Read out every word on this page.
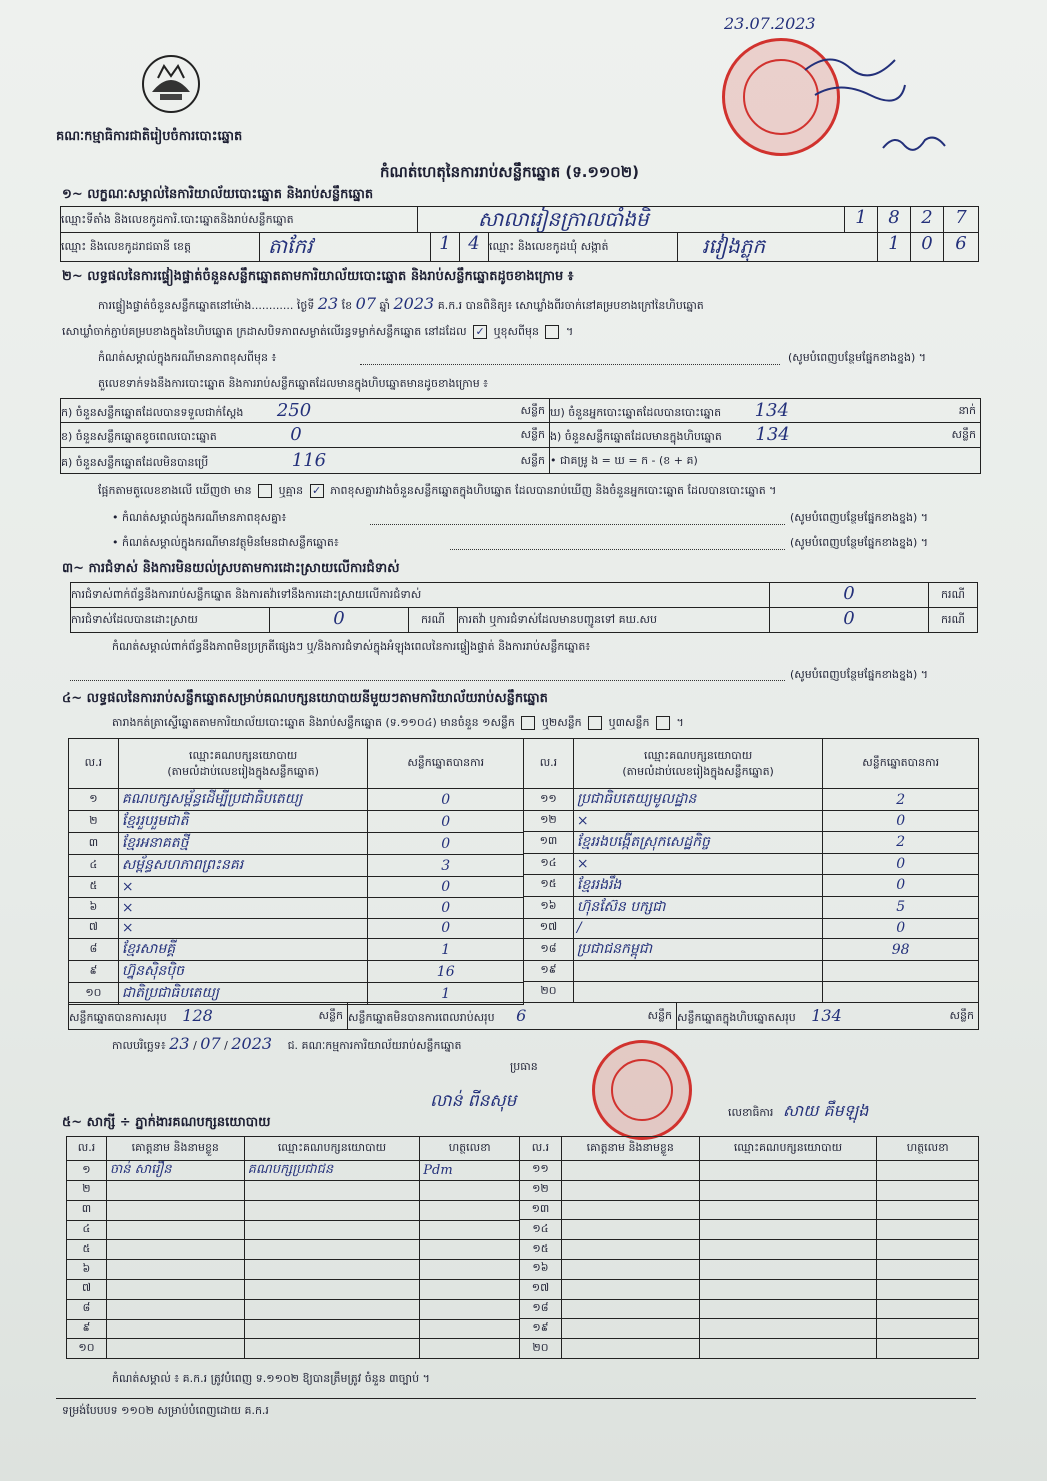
គណៈកម្មាធិការជាតិរៀបចំការបោះឆ្នោត
23.07.2023
កំណត់ហេតុនៃការរាប់សន្លឹកឆ្នោត (ទ.១១០២)
១~ លក្ខណៈសម្គាល់នៃការិយាល័យបោះឆ្នោត និងរាប់សន្លឹកឆ្នោត
ឈ្មោះទីតាំង និងលេខកូដការិ.បោះឆ្នោតនិងរាប់សន្លឹកឆ្នោត	សាលារៀនក្រាលបាំងមិ	1	8	2	7
ឈ្មោះ និងលេខកូដរាជធានី ខេត្ត	តាកែវ	1 4 ឈ្មោះ និងលេខកូដឃុំ សង្កាត់	រវៀងភ្លុក	1	0	6
២~ លទ្ធផលនៃការផ្ទៀងផ្ទាត់ចំនួនសន្លឹកឆ្នោតតាមការិយាល័យបោះឆ្នោត និងរាប់សន្លឹកឆ្នោតដូចខាងក្រោម ៖
ការផ្ទៀងផ្ទាត់ចំនួនសន្លឹកឆ្នោតនៅម៉ោង............ ថ្ងៃទី 23 ខែ 07 ឆ្នាំ 2023 គ.ក.រ បានពិនិត្យ៖ សោឃ្លាំងពីរចាក់នៅគម្របខាងក្រៅនៃហិបឆ្នោត
សោឃ្លាំចាក់ភ្ជាប់គម្របខាងក្នុងនៃហិបឆ្នោត ក្រដាសបិទភាពសម្ងាត់លើរន្ធទម្លាក់សន្លឹកឆ្នោត នៅដដែល ✓ ឬខុសពីមុន  ។
កំណត់សម្គាល់ក្នុងករណីមានភាពខុសពីមុន ៖	(សូមបំពេញបន្ថែមផ្នែកខាងខ្នង) ។
តួលេខទាក់ទងនឹងការបោះឆ្នោត និងការរាប់សន្លឹកឆ្នោតដែលមានក្នុងហិបឆ្នោតមានដូចខាងក្រោម ៖
ក) ចំនួនសន្លឹកឆ្នោតដែលបានទទួលជាក់ស្តែង 250	សន្លឹក ឃ) ចំនួនអ្នកបោះឆ្នោតដែលបានបោះឆ្នោត 134	នាក់
ខ) ចំនួនសន្លឹកឆ្នោតខូចពេលបោះឆ្នោត	0	សន្លឹក ង) ចំនួនសន្លឹកឆ្នោតដែលមានក្នុងហិបឆ្នោត 134	សន្លឹក
គ) ចំនួនសន្លឹកឆ្នោតដែលមិនបានប្រើ	116	សន្លឹក • ជាគម្រូ ង = ឃ = ក - (ខ + គ)
ផ្អែកតាមតួលេខខាងលើ ឃើញថា មាន ឬគ្មាន ✓ ភាពខុសគ្នារវាងចំនួនសន្លឹកឆ្នោតក្នុងហិបឆ្នោត ដែលបានរាប់ឃើញ និងចំនួនអ្នកបោះឆ្នោត ដែលបានបោះឆ្នោត ។
• កំណត់សម្គាល់ក្នុងករណីមានភាពខុសគ្នា៖	(សូមបំពេញបន្ថែមផ្នែកខាងខ្នង) ។
• កំណត់សម្គាល់ក្នុងករណីមានវត្ថុមិនមែនជាសន្លឹកឆ្នោត៖	(សូមបំពេញបន្ថែមផ្នែកខាងខ្នង) ។
៣~ ការជំទាស់ និងការមិនយល់ស្របតាមការដោះស្រាយលើការជំទាស់
ការជំទាស់ពាក់ព័ន្ធនឹងការរាប់សន្លឹកឆ្នោត និងការតវ៉ាទៅនឹងការដោះស្រាយលើការជំទាស់	0	ករណី
ការជំទាស់ដែលបានដោះស្រាយ	0	ករណី	ការតវ៉ា ឬការជំទាស់ដែលមានបញ្ជូនទៅ គឃ.សប	0	ករណី
កំណត់សម្គាល់ពាក់ព័ន្ធនឹងភាពមិនប្រក្រតីផ្សេងៗ ឬ/និងការជំទាស់ក្នុងអំឡុងពេលនៃការផ្ទៀងផ្ទាត់ និងការរាប់សន្លឹកឆ្នោត៖
(សូមបំពេញបន្ថែមផ្នែកខាងខ្នង) ។
៤~ លទ្ធផលនៃការរាប់សន្លឹកឆ្នោតសម្រាប់គណបក្សនយោបាយនីមួយៗតាមការិយាល័យរាប់សន្លឹកឆ្នោត
តារាងកត់ត្រាស្ទើឆ្នោតតាមការិយាល័យបោះឆ្នោត និងរាប់សន្លឹកឆ្នោត (ទ.១១០៤) មានចំនួន ១សន្លឹក ឬ២សន្លឹក ឬ៣សន្លឹក  ។
ល.រ	ឈ្មោះគណបក្សនយោបាយ
(តាមលំដាប់លេខរៀងក្នុងសន្លឹកឆ្នោត)	សន្លឹកឆ្នោតបានការ
១	គណបក្សសម្ព័ន្ធដើម្បីប្រជាធិបតេយ្យ	0
២	ខ្មែររួបរួមជាតិ	0
៣	ខ្មែរអនាគតថ្មី	0
៤	សម្ព័ន្ធសហភាពព្រះនគរ	3
៥	×	0
៦	×	0
៧	×	0
៨	ខ្មែរសាមគ្គី	1
៩	ហ្វ៊ុនស៊ិនប៉ិច	16
១០	ជាតិប្រជាធិបតេយ្យ	1
ល.រ	ឈ្មោះគណបក្សនយោបាយ
(តាមលំដាប់លេខរៀងក្នុងសន្លឹកឆ្នោត)	សន្លឹកឆ្នោតបានការ
១១	ប្រជាធិបតេយ្យមូលដ្ឋាន	2
១២	×	0
១៣	ខ្មែររងបង្កើតស្រុកសេដ្ឋកិច្ច	2
១៤	×	0
១៥	ខ្មែររងរឹង	0
១៦	ហ៊ុនស៊ែន បក្សជា	5
១៧	/	0
១៨	ប្រជាជនកម្ពុជា	98
១៩		
២០		
សន្លឹកឆ្នោតបានការសរុប 128	សន្លឹក សន្លឹកឆ្នោតមិនបានការពេលរាប់សរុប 6	សន្លឹក សន្លឹកឆ្នោតក្នុងហិបឆ្នោតសរុប 134	សន្លឹក
កាលបរិច្ឆេទ៖ 23 / 07 / 2023 ជ. គណៈកម្មការការិយាល័យរាប់សន្លឹកឆ្នោត
ប្រធាន
លាន់ ពីនសុម
លេខាធិការ សាយ គឹមឡុង
៥~ សាក្សី ÷ ភ្នាក់ងារគណបក្សនយោបាយ
ល.រ	គោត្តនាម និងនាមខ្លួន	ឈ្មោះគណបក្សនយោបាយ	ហត្ថលេខា
១	ចាន់ សារឿន	គណបក្សប្រជាជន	Pdm
២			
៣			
៤			
៥			
៦			
៧			
៨			
៩			
១០			
ល.រ	គោត្តនាម និងនាមខ្លួន	ឈ្មោះគណបក្សនយោបាយ	ហត្ថលេខា
១១			
១២			
១៣			
១៤			
១៥			
១៦			
១៧			
១៨			
១៩			
២០			
កំណត់សម្គាល់ ៖ គ.ក.រ ត្រូវបំពេញ ទ.១១០២ ឱ្យបានត្រឹមត្រូវ ចំនួន ៣ច្បាប់ ។
ទម្រង់បែបបទ ១១០២ សម្រាប់បំពេញដោយ គ.ក.រ
